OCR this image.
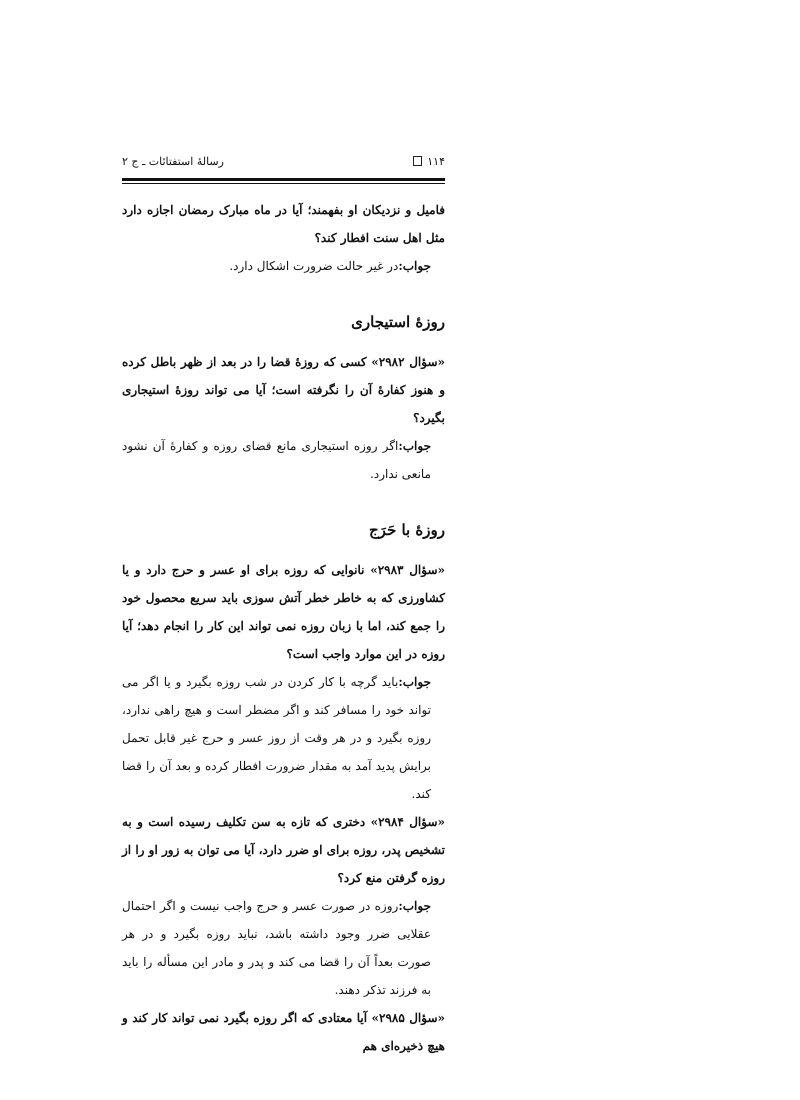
۱۱۴
رسالهٔ استفتائات ـ ج ۲

فامیل و نزدیکان او بفهمند؛ آیا در ماه مبارک رمضان اجازه دارد مثل اهل سنت افطار کند؟

جواب:در غیر حالت ضرورت اشکال دارد.

روزهٔ استیجاری

«سؤال ۲۹۸۲» کسی که روزهٔ قضا را در بعد از ظهر باطل کرده و هنوز کفارهٔ آن را نگرفته است؛ آیا می تواند روزهٔ استیجاری بگیرد؟

جواب:اگر روزه استیجاری مانع قضای روزه و کفارهٔ آن نشود مانعی ندارد.

روزهٔ با حَرَج

«سؤال ۲۹۸۳» نانوایی که روزه برای او عسر و حرج دارد و یا کشاورزی که به خاطر خطر آتش سوزی باید سریع محصول خود را جمع کند، اما با زبان روزه نمی تواند این کار را انجام دهد؛ آیا روزه در این موارد واجب است؟

جواب:باید گرچه با کار کردن در شب روزه بگیرد و یا اگر می تواند خود را مسافر کند و اگر مضطر است و هیچ راهی ندارد، روزه بگیرد و در هر وقت از روز عسر و حرج غیر قابل تحمل برایش پدید آمد به مقدار ضرورت افطار کرده و بعد آن را قضا کند.

«سؤال ۲۹۸۴» دختری که تازه به سن تکلیف رسیده است و به تشخیص پدر، روزه برای او ضرر دارد، آیا می توان به زور او را از روزه گرفتن منع کرد؟

جواب:روزه در صورت عسر و حرج واجب نیست و اگر احتمال عقلایی ضرر وجود داشته باشد، نباید روزه بگیرد و در هر صورت بعداً آن را قضا می کند و پدر و مادر این مسأله را باید به فرزند تذکر دهند.

«سؤال ۲۹۸۵» آیا معتادی که اگر روزه بگیرد نمی تواند کار کند و هیچ ذخیره‌ای هم
